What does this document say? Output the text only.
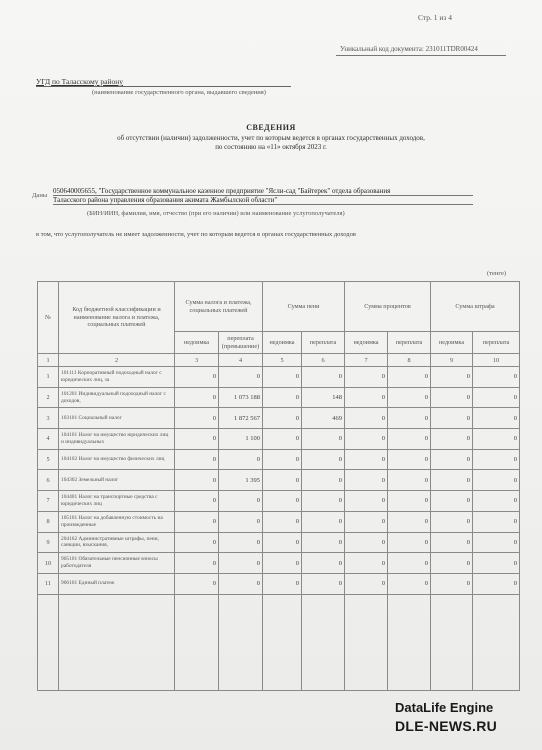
Стр. 1 из 4
Уникальный код документа: 231011TDR00424
УГД по Таласскому району
(наименование государственного органа, выдавшего сведения)
СВЕДЕНИЯ
об отсутствии (наличии) задолженности, учет по которым ведется в органах государственных доходов,
по состоянию на «11» октября 2023 г.
Даны
050640005655, "Государственное коммунальное казенное предприятие "Ясли-сад "Байтерек" отдела образования
Таласского района управления образования акимата Жамбылской области"
(БИН/ИИН, фамилия, имя, отчество (при его наличии) или наименование услугополучателя)
в том, что услугополучатель не имеет задолженности, учет по которым ведется в органах государственных доходов
(тенге)
№	Код бюджетной классификации и наименование налога и платежа, социальных платежей	Сумма налога и платежа, социальных платежей		Сумма пени		Сумма процентов		Сумма штрафа	
		недоимка	переплата (превышение)	недоимка	переплата	недоимка	переплата	недоимка	переплата
1	2	3	4	5	6	7	8	9	10
1	101111 Корпоративный подоходный налог с юридических лиц, за	0	0	0	0	0	0	0	0
2	101201 Индивидуальный подоходный налог с доходов,	0	1 073 188	0	148	0	0	0	0
3	103101 Социальный налог	0	1 872 567	0	469	0	0	0	0
4	104101 Налог на имущество юридических лиц и индивидуальных	0	1 100	0	0	0	0	0	0
5	104102 Налог на имущество физических лиц	0	0	0	0	0	0	0	0
6	104302 Земельный налог	0	1 395	0	0	0	0	0	0
7	104401 Налог на транспортные средства с юридических лиц	0	0	0	0	0	0	0	0
8	105101 Налог на добавленную стоимость на произведенные	0	0	0	0	0	0	0	0
9	204162 Административные штрафы, пени, санкции, взыскания,	0	0	0	0	0	0	0	0
10	905101 Обязательные пенсионные взносы работодателя	0	0	0	0	0	0	0	0
11	906101 Единый платеж	0	0	0	0	0	0	0	0

DataLife Engine
DLE-NEWS.RU
